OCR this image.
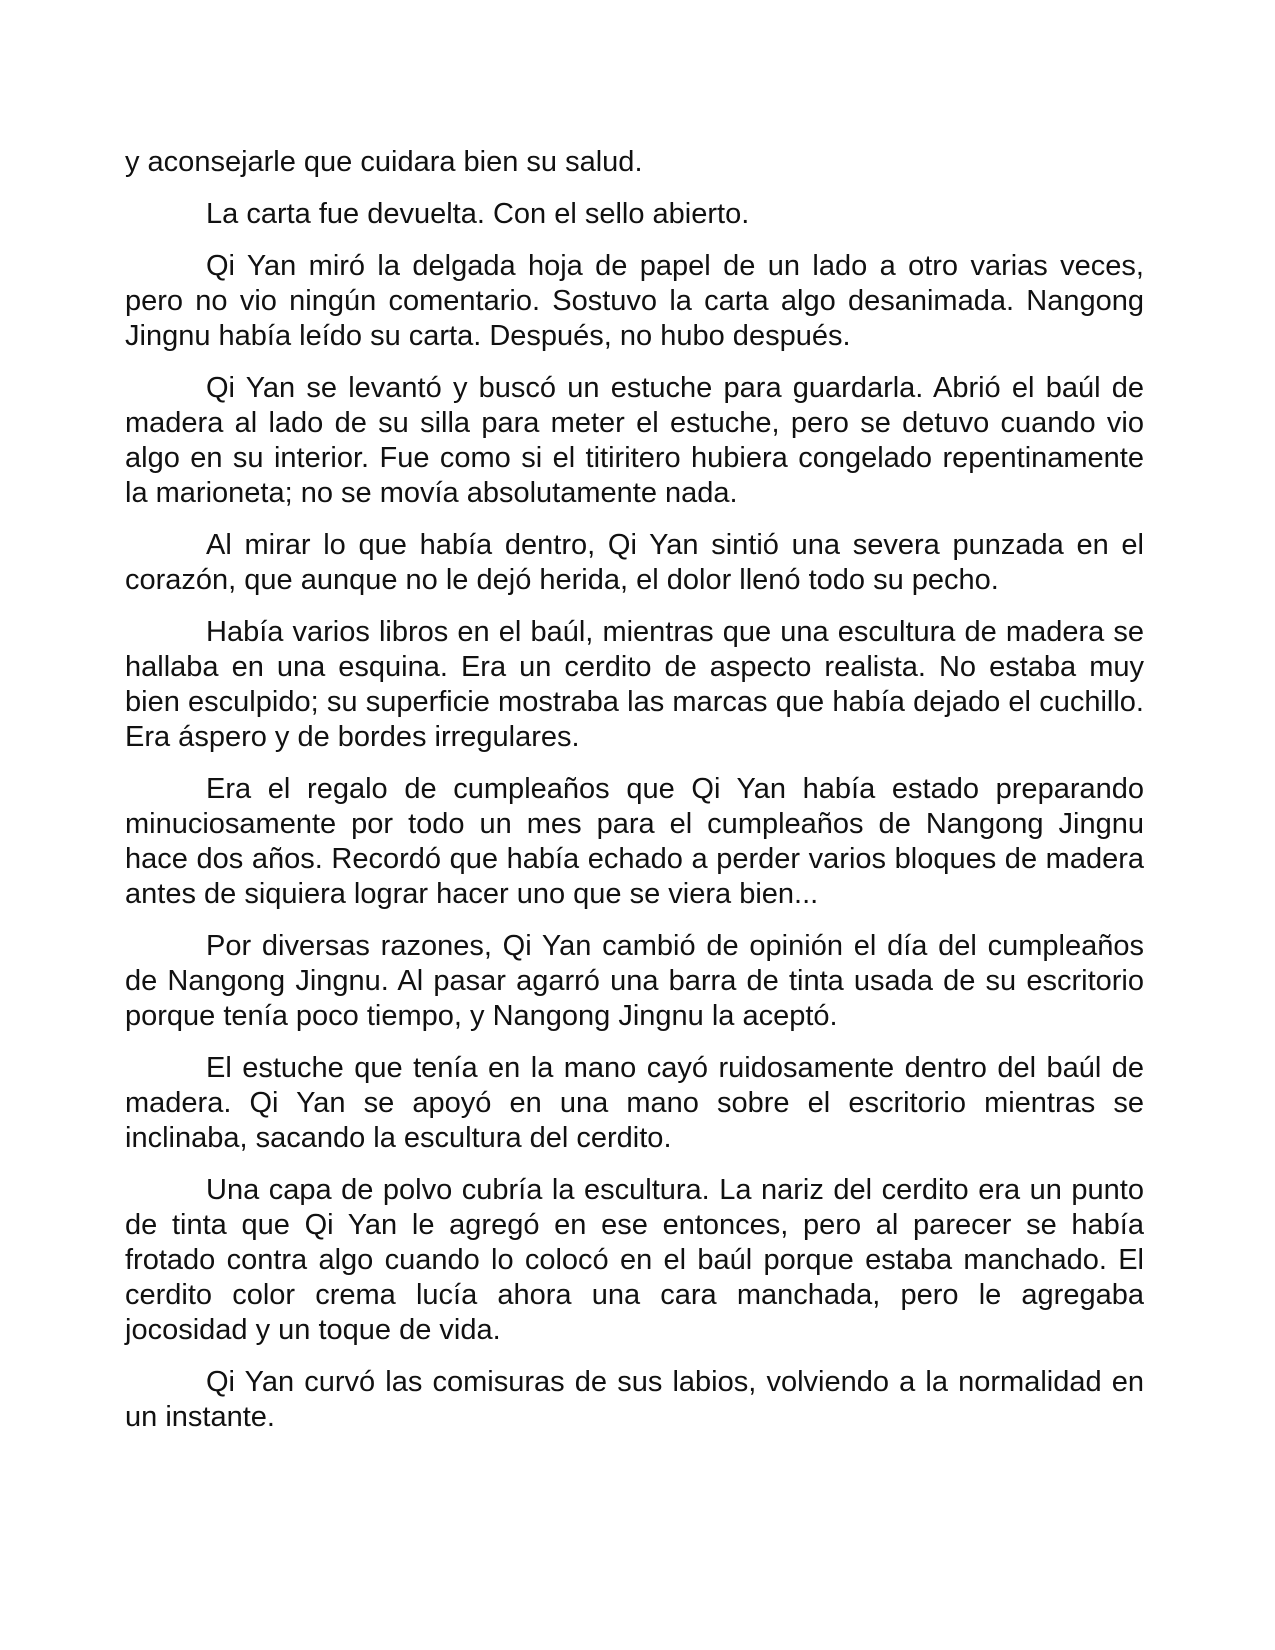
y aconsejarle que cuidara bien su salud.

La carta fue devuelta. Con el sello abierto.

Qi Yan miró la delgada hoja de papel de un lado a otro varias veces, pero no vio ningún comentario. Sostuvo la carta algo desanimada. Nangong Jingnu había leído su carta. Después, no hubo después.

Qi Yan se levantó y buscó un estuche para guardarla. Abrió el baúl de madera al lado de su silla para meter el estuche, pero se detuvo cuando vio algo en su interior. Fue como si el titiritero hubiera congelado repentinamente la marioneta; no se movía absolutamente nada.

Al mirar lo que había dentro, Qi Yan sintió una severa punzada en el corazón, que aunque no le dejó herida, el dolor llenó todo su pecho.

Había varios libros en el baúl, mientras que una escultura de madera se hallaba en una esquina. Era un cerdito de aspecto realista. No estaba muy bien esculpido; su superficie mostraba las marcas que había dejado el cuchillo. Era áspero y de bordes irregulares.

Era el regalo de cumpleaños que Qi Yan había estado preparando minuciosamente por todo un mes para el cumpleaños de Nangong Jingnu hace dos años. Recordó que había echado a perder varios bloques de madera antes de siquiera lograr hacer uno que se viera bien...

Por diversas razones, Qi Yan cambió de opinión el día del cumpleaños de Nangong Jingnu. Al pasar agarró una barra de tinta usada de su escritorio porque tenía poco tiempo, y Nangong Jingnu la aceptó.

El estuche que tenía en la mano cayó ruidosamente dentro del baúl de madera. Qi Yan se apoyó en una mano sobre el escritorio mientras se inclinaba, sacando la escultura del cerdito.

Una capa de polvo cubría la escultura. La nariz del cerdito era un punto de tinta que Qi Yan le agregó en ese entonces, pero al parecer se había frotado contra algo cuando lo colocó en el baúl porque estaba manchado. El cerdito color crema lucía ahora una cara manchada, pero le agregaba jocosidad y un toque de vida.

Qi Yan curvó las comisuras de sus labios, volviendo a la normalidad en un instante.
